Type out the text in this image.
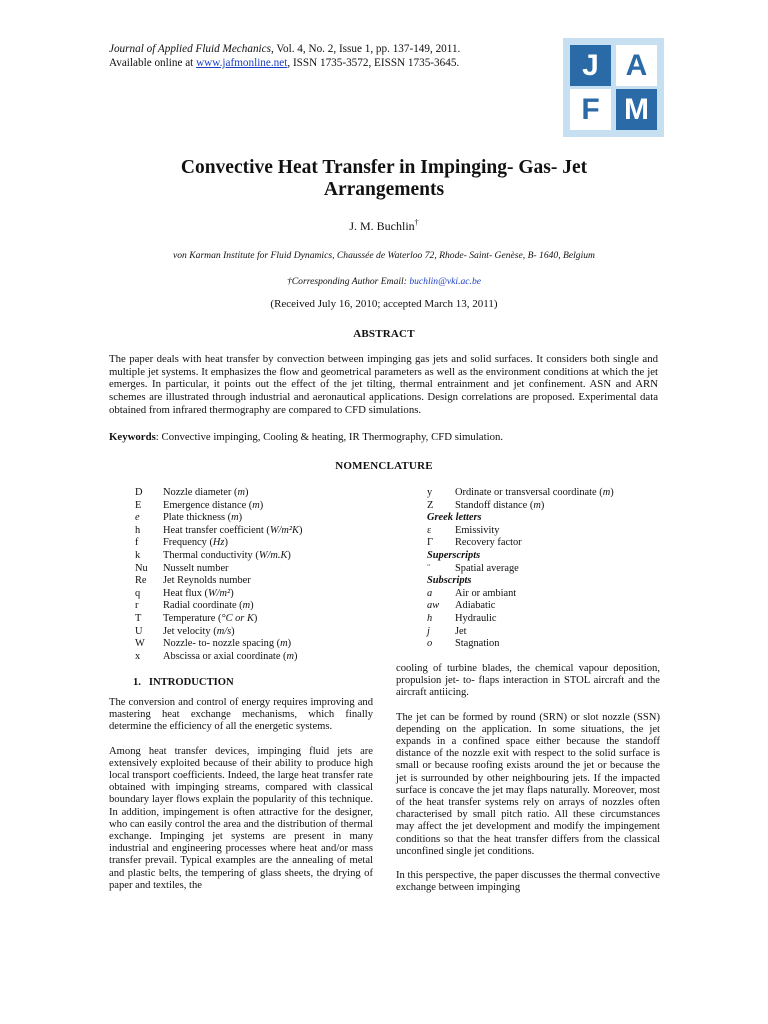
Journal of Applied Fluid Mechanics, Vol. 4, No. 2, Issue 1, pp. 137-149, 2011.
Available online at www.jafmonline.net, ISSN 1735-3572, EISSN 1735-3645.	J A
F M
Convective Heat Transfer in Impinging- Gas- Jet Arrangements
J. M. Buchlin†
von Karman Institute for Fluid Dynamics, Chaussée de Waterloo 72, Rhode- Saint- Genèse, B- 1640, Belgium
†Corresponding Author Email: buchlin@vki.ac.be
(Received July 16, 2010; accepted March 13, 2011)
ABSTRACT
The paper deals with heat transfer by convection between impinging gas jets and solid surfaces. It considers both single and multiple jet systems. It emphasizes the flow and geometrical parameters as well as the environment conditions at which the jet emerges. In particular, it points out the effect of the jet tilting, thermal entrainment and jet confinement. ASN and ARN schemes are illustrated through industrial and aeronautical applications. Design correlations are proposed. Experimental data obtained from infrared thermography are compared to CFD simulations.
Keywords: Convective impinging, Cooling & heating, IR Thermography, CFD simulation.
NOMENCLATURE
D	Nozzle diameter ( m )
E	Emergence distance ( m )
e	Plate thickness ( m )
h	Heat transfer coefficient ( W/m²K )
f	Frequency ( Hz )
k	Thermal conductivity ( W/m.K )
Nu	Nusselt number
Re	Jet Reynolds number
q	Heat flux ( W/m² )
r	Radial coordinate ( m )
T	Temperature ( °C or K )
U	Jet velocity ( m/s )
W	Nozzle- to- nozzle spacing ( m )
x	Abscissa or axial coordinate ( m )
y	Ordinate or transversal coordinate ( m )
Z	Standoff distance ( m )
Greek letters
ε	Emissivity
Γ	Recovery factor
Superscripts
¨	Spatial average
Subscripts
a	Air or ambiant
aw	Adiabatic
h	Hydraulic
j	Jet
o	Stagnation
1. INTRODUCTION

The conversion and control of energy requires improving and mastering heat exchange mechanisms, which finally determine the efficiency of all the energetic systems.

Among heat transfer devices, impinging fluid jets are extensively exploited because of their ability to produce high local transport coefficients. Indeed, the large heat transfer rate obtained with impinging streams, compared with classical boundary layer flows explain the popularity of this technique. In addition, impingement is often attractive for the designer, who can easily control the area and the distribution of thermal exchange. Impinging jet systems are present in many industrial and engineering processes where heat and/or mass transfer prevail. Typical examples are the annealing of metal and plastic belts, the tempering of glass sheets, the drying of paper and textiles, the

cooling of turbine blades, the chemical vapour deposition, propulsion jet- to- flaps interaction in STOL aircraft and the aircraft antiicing.

The jet can be formed by round (SRN) or slot nozzle (SSN) depending on the application. In some situations, the jet expands in a confined space either because the standoff distance of the nozzle exit with respect to the solid surface is small or because roofing exists around the jet or because the jet is surrounded by other neighbouring jets. If the impacted surface is concave the jet may flaps naturally. Moreover, most of the heat transfer systems rely on arrays of nozzles often characterised by small pitch ratio. All these circumstances may affect the jet development and modify the impingement conditions so that the heat transfer differs from the classical unconfined single jet conditions.

In this perspective, the paper discusses the thermal convective exchange between impinging
